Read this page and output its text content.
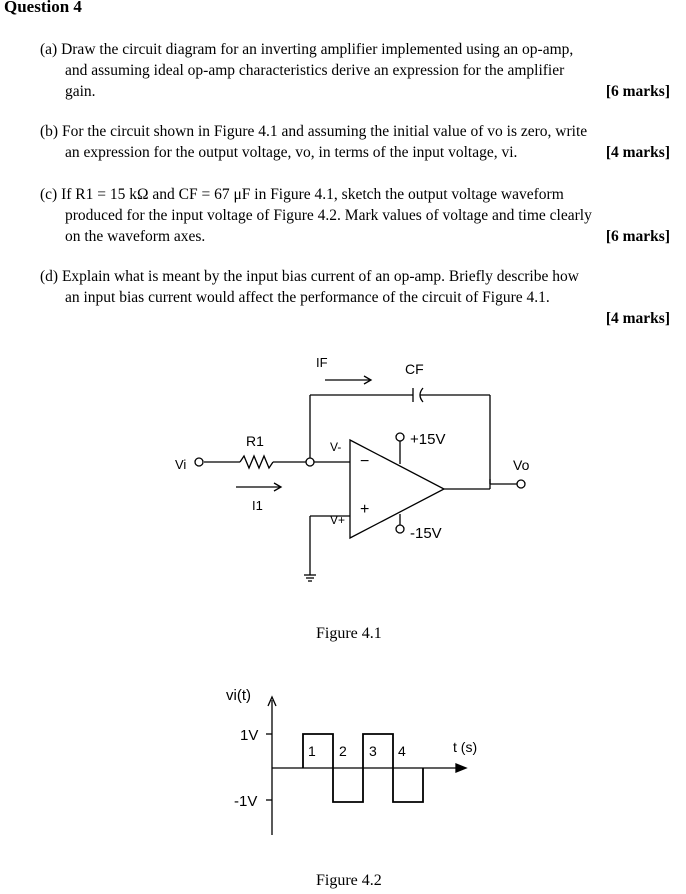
Question 4
(a) Draw the circuit diagram for an inverting amplifier implemented using an op-amp,
and assuming ideal op-amp characteristics derive an expression for the amplifier
gain.	[6 marks]
(b) For the circuit shown in Figure 4.1 and assuming the initial value of vo is zero, write
an expression for the output voltage, vo, in terms of the input voltage, vi.	[4 marks]
(c) If R1 = 15 kΩ and CF = 67 μF in Figure 4.1, sketch the output voltage waveform
produced for the input voltage of Figure 4.2. Mark values of voltage and time clearly
on the waveform axes.	[6 marks]
(d) Explain what is meant by the input bias current of an op-amp. Briefly describe how
an input bias current would affect the performance of the circuit of Figure 4.1.

[4 marks]
IF	CF
R1
I1
Vi	Vo
V-
V+
+15V
-15V
−
+
Figure 4.1
vi(t)
t (s)
1V
-1V
1 2 3 4
Figure 4.2
